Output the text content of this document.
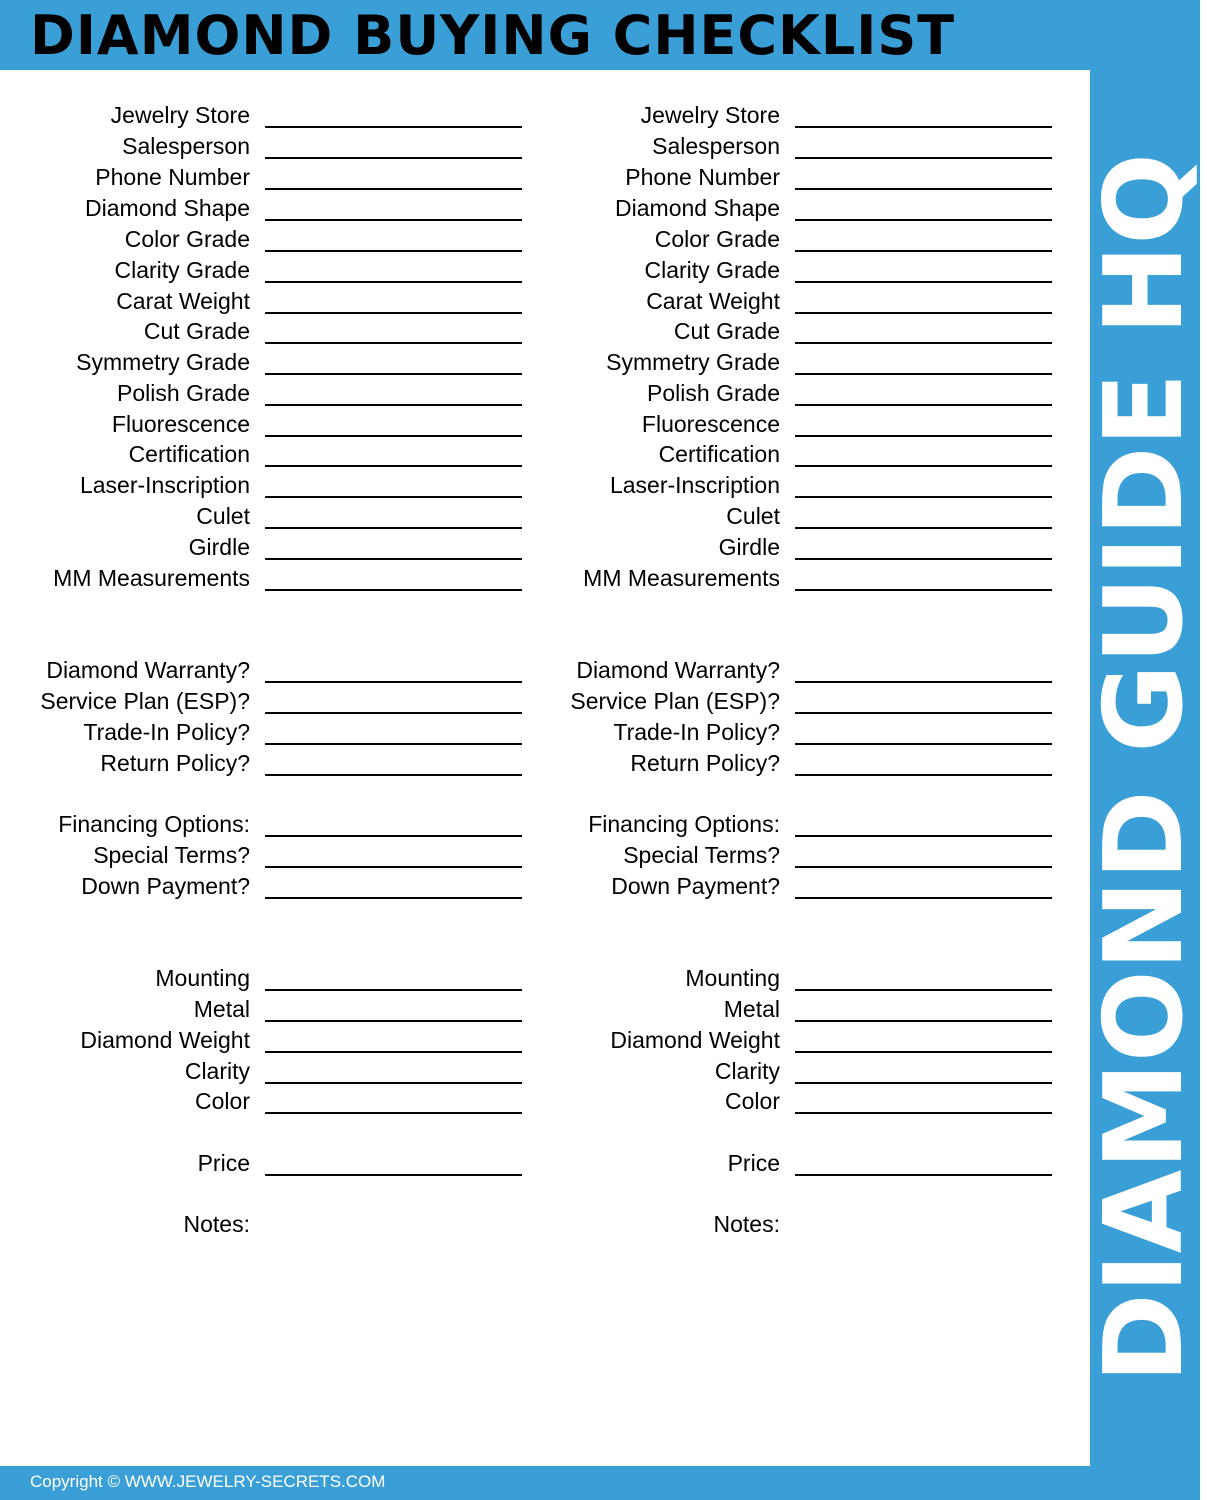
DIAMOND BUYING CHECKLIST
DIAMOND GUIDE HQ
Copyright © WWW.JEWELRY-SECRETS.COM
Jewelry Store
Salesperson
Phone Number
Diamond Shape
Color Grade
Clarity Grade
Carat Weight
Cut Grade
Symmetry Grade
Polish Grade
Fluorescence
Certification
Laser-Inscription
Culet
Girdle
MM Measurements
Diamond Warranty?
Service Plan (ESP)?
Trade-In Policy?
Return Policy?
Financing Options:
Special Terms?
Down Payment?
Mounting
Metal
Diamond Weight
Clarity
Color
Price
Notes:
Jewelry Store
Salesperson
Phone Number
Diamond Shape
Color Grade
Clarity Grade
Carat Weight
Cut Grade
Symmetry Grade
Polish Grade
Fluorescence
Certification
Laser-Inscription
Culet
Girdle
MM Measurements
Diamond Warranty?
Service Plan (ESP)?
Trade-In Policy?
Return Policy?
Financing Options:
Special Terms?
Down Payment?
Mounting
Metal
Diamond Weight
Clarity
Color
Price
Notes:
